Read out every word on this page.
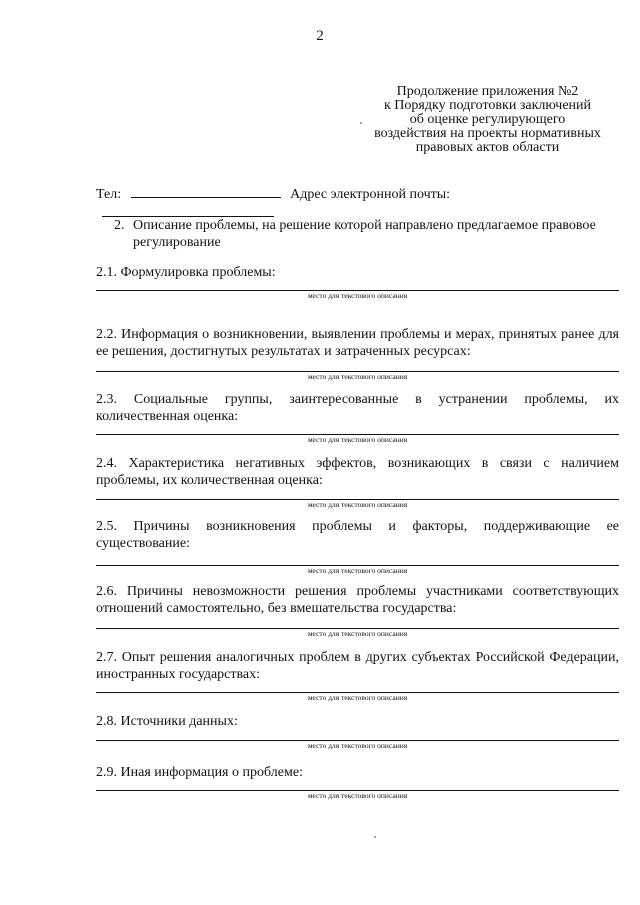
2
Продолжение приложения №2
к Порядку подготовки заключений
об оценке регулирующего
воздействия на проекты нормативных
правовых актов области
Тел:	Адрес электронной почты:
2. Описание проблемы, на решение которой направлено предлагаемое правовое регулирование
2.1. Формулировка проблемы:
место для текстового описания
2.2. Информация о возникновении, выявлении проблемы и мерах, принятых ранее для
ее решения, достигнутых результатах и затраченных ресурсах:
место для текстового описания
2.3. Социальные группы, заинтересованные в устранении проблемы, их
количественная оценка:
место для текстового описания
2.4. Характеристика негативных эффектов, возникающих в связи с наличием
проблемы, их количественная оценка:
место для текстового описания
2.5. Причины возникновения проблемы и факторы, поддерживающие ее
существование:
место для текстового описания
2.6. Причины невозможности решения проблемы участниками соответствующих
отношений самостоятельно, без вмешательства государства:
место для текстового описания
2.7. Опыт решения аналогичных проблем в других субъектах Российской Федерации,
иностранных государствах:
место для текстового описания
2.8. Источники данных:
место для текстового описания
2.9. Иная информация о проблеме:
место для текстового описания
